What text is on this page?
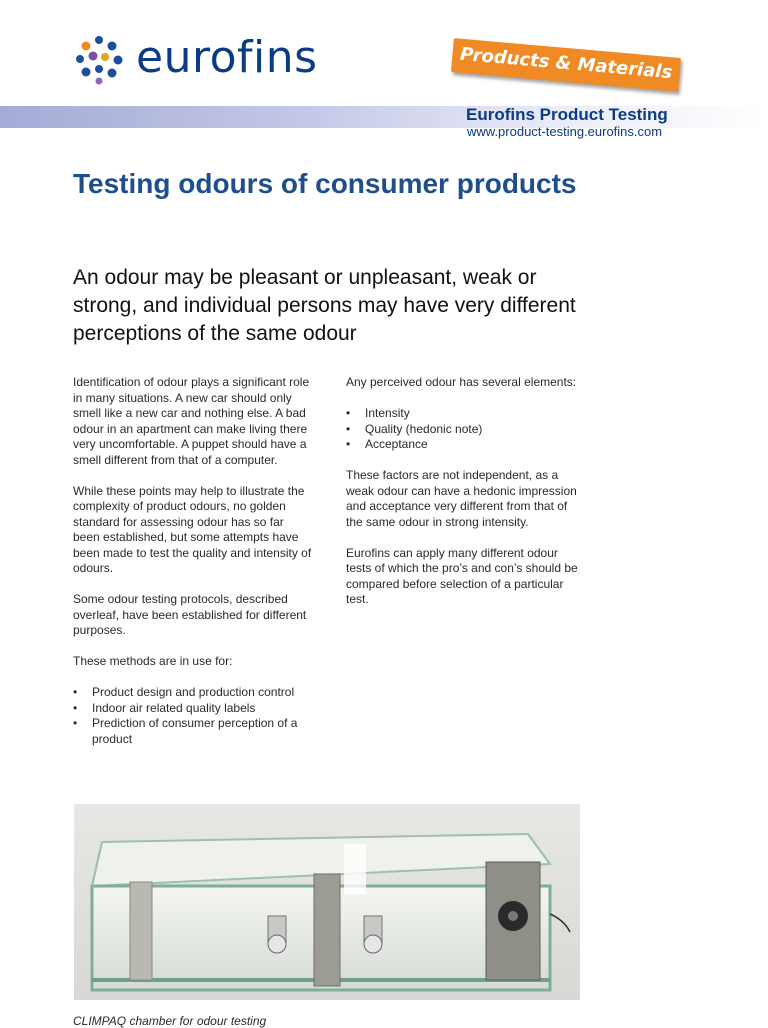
eurofins	Products & Materials
Eurofins Product Testing
www.product-testing.eurofins.com
Testing odours of consumer products

An odour may be pleasant or unpleasant, weak or strong, and individual persons may have very different perceptions of the same odour

Identification of odour plays a significant role in many situations. A new car should only smell like a new car and nothing else. A bad odour in an apartment can make living there very uncomfortable. A puppet should have a smell different from that of a computer.

While these points may help to illustrate the complexity of product odours, no golden standard for assessing odour has so far been established, but some attempts have been made to test the quality and intensity of odours.

Some odour testing protocols, described overleaf, have been established for different purposes.

These methods are in use for:

• Product design and production control
• Indoor air related quality labels
• Prediction of consumer perception of a product

Any perceived odour has several elements:

• Intensity
• Quality (hedonic note)
• Acceptance

These factors are not independent, as a weak odour can have a hedonic impression and acceptance very different from that of the same odour in strong intensity.

Eurofins can apply many different odour tests of which the pro’s and con’s should be compared before selection of a particular test.

CLIMPAQ chamber for odour testing
